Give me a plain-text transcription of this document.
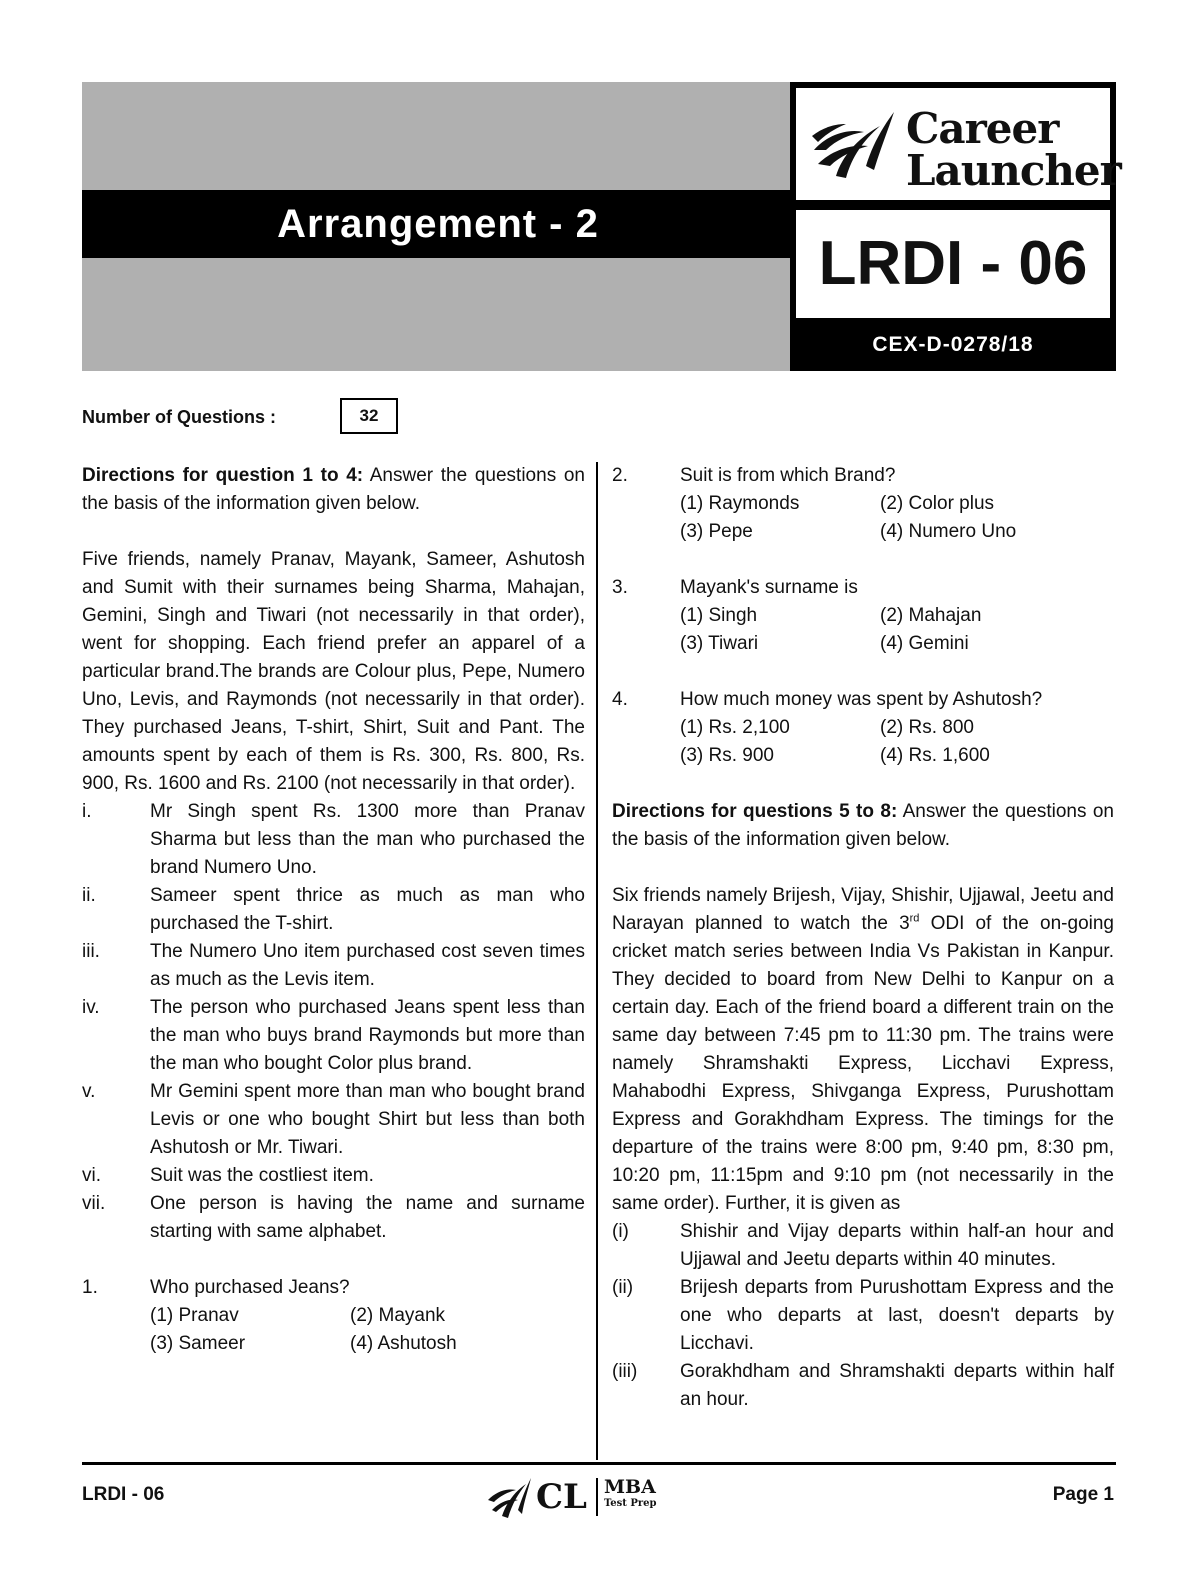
Arrangement - 2
Career
Launcher
LRDI - 06
CEX-D-0278/18
Number of Questions :	32

Directions for question 1 to 4: Answer the questions on the basis of the information given below.

Five friends, namely Pranav, Mayank, Sameer, Ashutosh and Sumit with their surnames being Sharma, Mahajan, Gemini, Singh and Tiwari (not necessarily in that order), went for shopping. Each friend prefer an apparel of a particular brand.The brands are Colour plus, Pepe, Numero Uno, Levis, and Raymonds (not necessarily in that order). They purchased Jeans, T-shirt, Shirt, Suit and Pant. The amounts spent by each of them is Rs. 300, Rs. 800, Rs. 900, Rs. 1600 and Rs. 2100 (not necessarily in that order).

i.	Mr Singh spent Rs. 1300 more than Pranav Sharma but less than the man who purchased the brand Numero Uno.
ii.	Sameer spent thrice as much as man who purchased the T-shirt.
iii.	The Numero Uno item purchased cost seven times as much as the Levis item.
iv.	The person who purchased Jeans spent less than the man who buys brand Raymonds but more than the man who bought Color plus brand.
v.	Mr Gemini spent more than man who bought brand Levis or one who bought Shirt but less than both Ashutosh or Mr. Tiwari.
vi.	Suit was the costliest item.
vii.	One person is having the name and surname starting with same alphabet.
1.	Who purchased Jeans?
(1) Pranav	(2) Mayank
(3) Sameer	(4) Ashutosh
2.	Suit is from which Brand?
(1) Raymonds	(2) Color plus
(3) Pepe	(4) Numero Uno
3.	Mayank's surname is
(1) Singh	(2) Mahajan
(3) Tiwari	(4) Gemini
4.	How much money was spent by Ashutosh?
(1) Rs. 2,100	(2) Rs. 800
(3) Rs. 900	(4) Rs. 1,600

Directions for questions 5 to 8: Answer the questions on the basis of the information given below.

Six friends namely Brijesh, Vijay, Shishir, Ujjawal, Jeetu and Narayan planned to watch the 3rd ODI of the on-going cricket match series between India Vs Pakistan in Kanpur. They decided to board from New Delhi to Kanpur on a certain day. Each of the friend board a different train on the same day between 7:45 pm to 11:30 pm. The trains were namely Shramshakti Express, Licchavi Express, Mahabodhi Express, Shivganga Express, Purushottam Express and Gorakhdham Express. The timings for the departure of the trains were 8:00 pm, 9:40 pm, 8:30 pm, 10:20 pm, 11:15pm and 9:10 pm (not necessarily in the same order). Further, it is given as

(i)	Shishir and Vijay departs within half-an hour and Ujjawal and Jeetu departs within 40 minutes.
(ii)	Brijesh departs from Purushottam Express and the one who departs at last, doesn't departs by Licchavi.
(iii)	Gorakhdham and Shramshakti departs within half an hour.
LRDI - 06	CL MBA
Test Prep	Page 1
